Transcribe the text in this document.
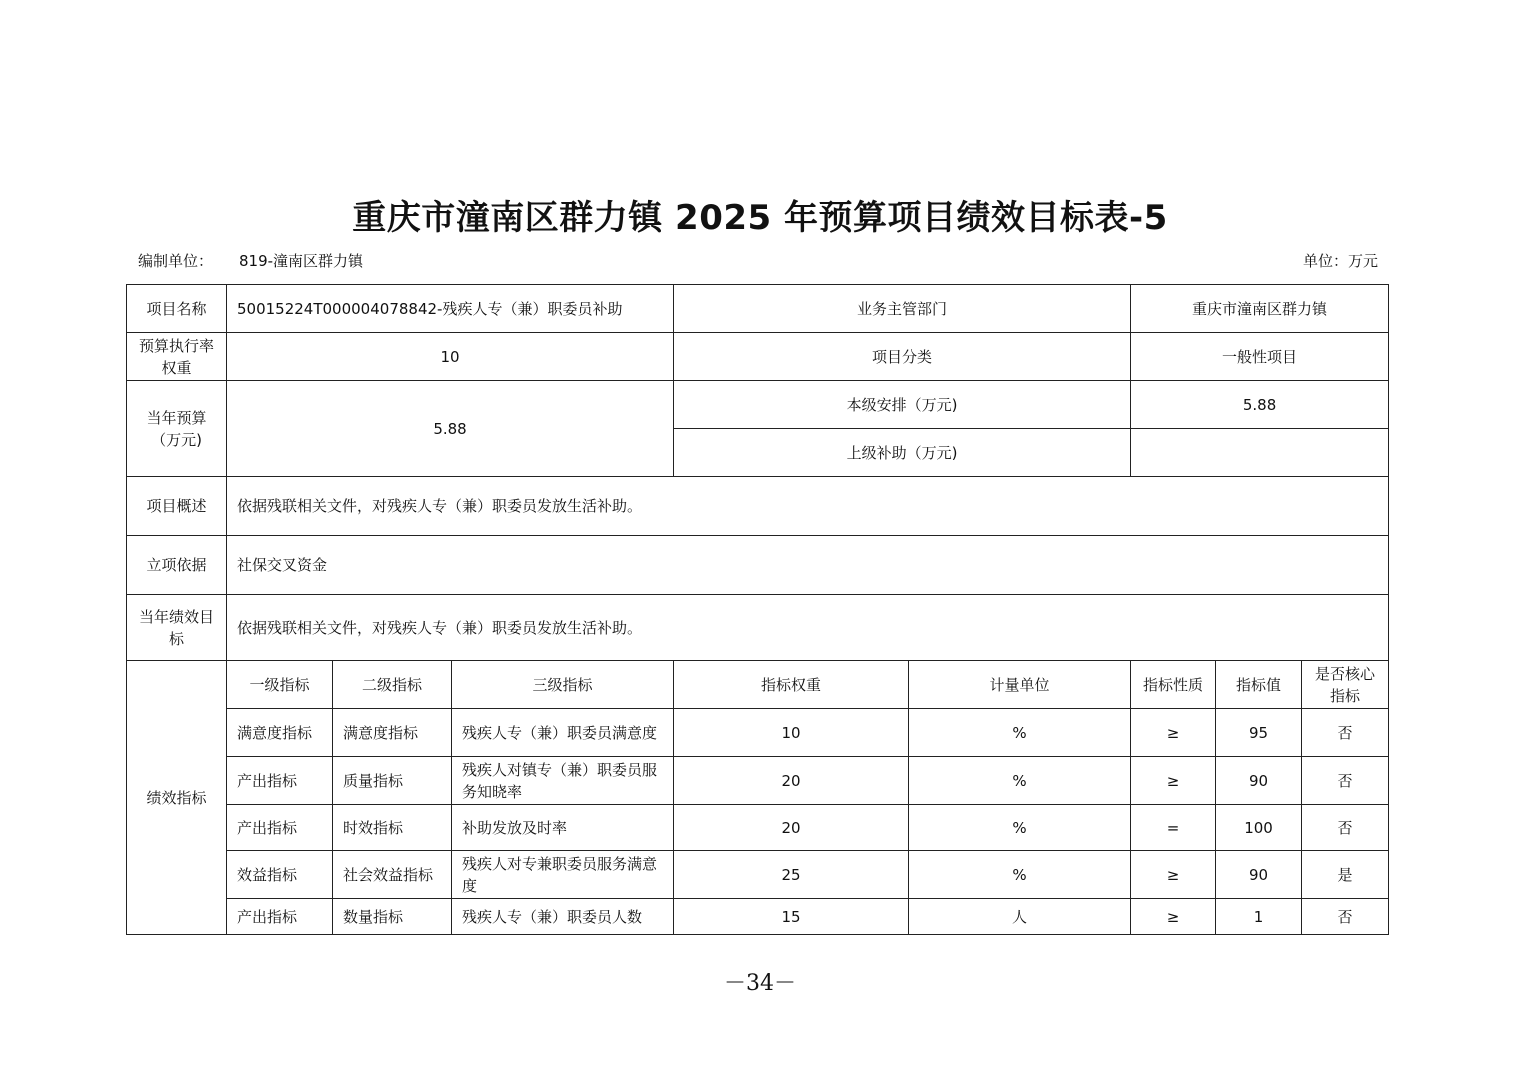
重庆市潼南区群力镇 2025 年预算项目绩效目标表-5
编制单位： 819-潼南区群力镇	单位：万元
项目名称	50015224T000004078842-残疾人专（兼）职委员补助			业务主管部门		重庆市潼南区群力镇		
预算执行率权重	10			项目分类		一般性项目		
当年预算（万元)	5.88			本级安排（万元)		5.88		
				上级补助（万元)				
项目概述	依据残联相关文件，对残疾人专（兼）职委员发放生活补助。							
立项依据	社保交叉资金							
当年绩效目标	依据残联相关文件，对残疾人专（兼）职委员发放生活补助。							
绩效指标	一级指标	二级指标	三级指标	指标权重	计量单位	指标性质	指标值	是否核心指标
	满意度指标	满意度指标	残疾人专（兼）职委员满意度	10	%	≥	95	否
	产出指标	质量指标	残疾人对镇专（兼）职委员服务知晓率	20	%	≥	90	否
	产出指标	时效指标	补助发放及时率	20	%	=	100	否
	效益指标	社会效益指标	残疾人对专兼职委员服务满意度	25	%	≥	90	是
	产出指标	数量指标	残疾人专（兼）职委员人数	15	人	≥	1	否
－34－
